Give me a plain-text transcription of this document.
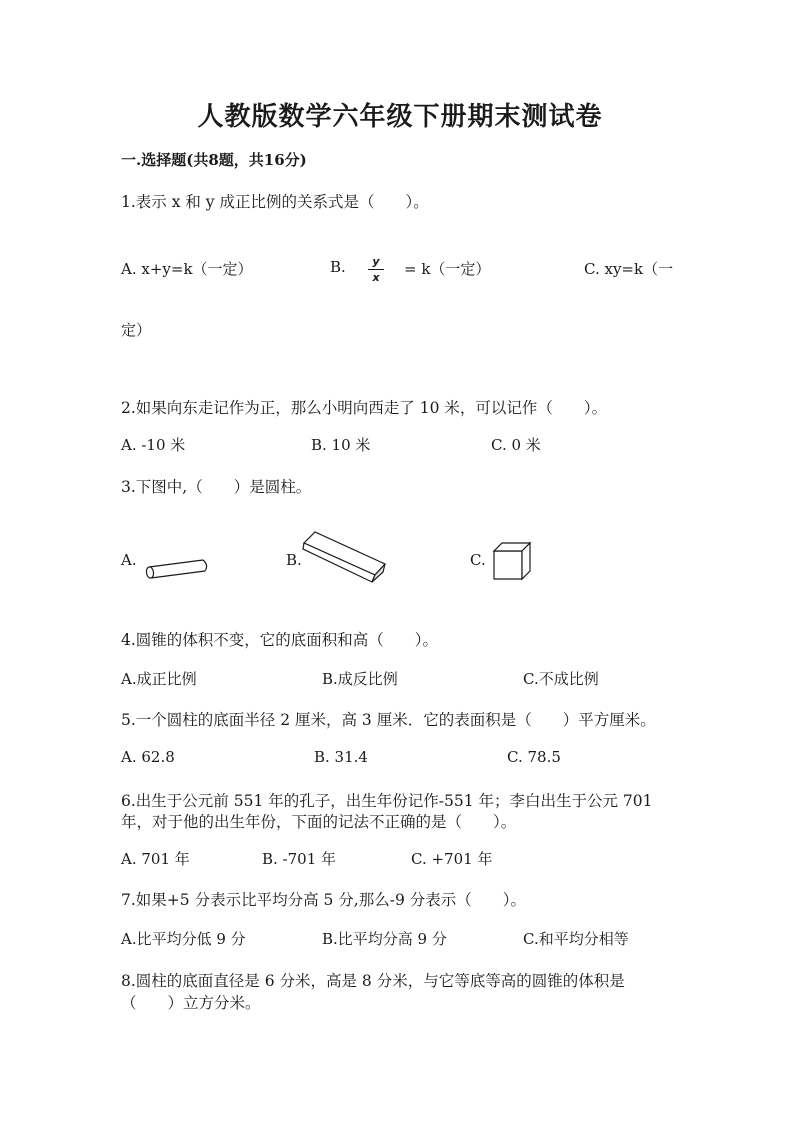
人教版数学六年级下册期末测试卷
一.选择题(共8题，共16分)
1.表示 x 和 y 成正比例的关系式是（　　）。
A. x+y=k（一定）	B.	y
x	= k（一定）	C. xy=k（一
定）
2.如果向东走记作为正，那么小明向西走了 10 米，可以记作（　　）。
A. -10 米	B. 10 米	C. 0 米
3.下图中,（　　）是圆柱。
A.	B.	C.
4.圆锥的体积不变，它的底面积和高（　　）。
A.成正比例	B.成反比例	C.不成比例
5.一个圆柱的底面半径 2 厘米，高 3 厘米．它的表面积是（　　）平方厘米。
A. 62.8	B. 31.4	C. 78.5
6.出生于公元前 551 年的孔子，出生年份记作-551 年；李白出生于公元 701
年，对于他的出生年份，下面的记法不正确的是（　　）。
A. 701 年	B. -701 年	C. +701 年
7.如果+5 分表示比平均分高 5 分,那么-9 分表示（　　）。
A.比平均分低 9 分	B.比平均分高 9 分	C.和平均分相等
8.圆柱的底面直径是 6 分米，高是 8 分米，与它等底等高的圆锥的体积是
（　　）立方分米。
